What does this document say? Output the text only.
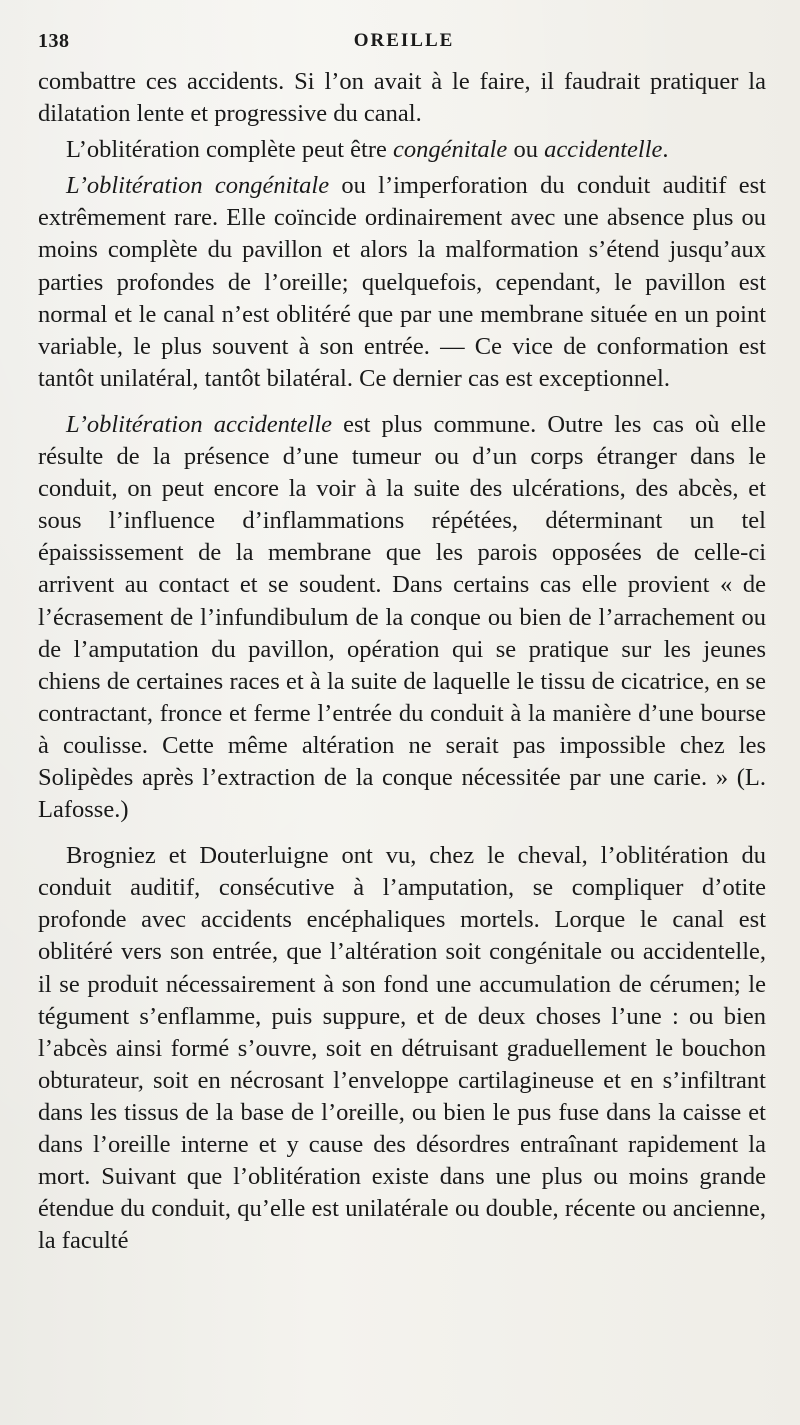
138	OREILLE

combattre ces accidents. Si l’on avait à le faire, il faudrait pratiquer la dilatation lente et progressive du canal.

L’oblitération complète peut être congénitale ou accidentelle.

L’oblitération congénitale ou l’imperforation du conduit auditif est extrêmement rare. Elle coïncide ordinairement avec une absence plus ou moins complète du pavillon et alors la malformation s’étend jusqu’aux parties profondes de l’oreille; quelquefois, cependant, le pavillon est normal et le canal n’est oblitéré que par une membrane située en un point variable, le plus souvent à son entrée. — Ce vice de conformation est tantôt unilatéral, tantôt bilatéral. Ce dernier cas est exceptionnel.

L’oblitération accidentelle est plus commune. Outre les cas où elle résulte de la présence d’une tumeur ou d’un corps étranger dans le conduit, on peut encore la voir à la suite des ulcérations, des abcès, et sous l’influence d’inflammations répétées, déterminant un tel épaississement de la membrane que les parois opposées de celle-ci arrivent au contact et se soudent. Dans certains cas elle provient « de l’écrasement de l’infundibulum de la conque ou bien de l’arrachement ou de l’amputation du pavillon, opération qui se pratique sur les jeunes chiens de certaines races et à la suite de laquelle le tissu de cicatrice, en se contractant, fronce et ferme l’entrée du conduit à la manière d’une bourse à coulisse. Cette même altération ne serait pas impossible chez les Solipèdes après l’extraction de la conque nécessitée par une carie. » (L. Lafosse.)

Brogniez et Douterluigne ont vu, chez le cheval, l’oblitération du conduit auditif, consécutive à l’amputation, se compliquer d’otite profonde avec accidents encéphaliques mortels. Lorque le canal est oblitéré vers son entrée, que l’altération soit congénitale ou accidentelle, il se produit nécessairement à son fond une accumulation de cérumen; le tégument s’enflamme, puis suppure, et de deux choses l’une : ou bien l’abcès ainsi formé s’ouvre, soit en détruisant graduellement le bouchon obturateur, soit en nécrosant l’enveloppe cartilagineuse et en s’infiltrant dans les tissus de la base de l’oreille, ou bien le pus fuse dans la caisse et dans l’oreille interne et y cause des désordres entraînant rapidement la mort. Suivant que l’oblitération existe dans une plus ou moins grande étendue du conduit, qu’elle est unilatérale ou double, récente ou ancienne, la faculté
